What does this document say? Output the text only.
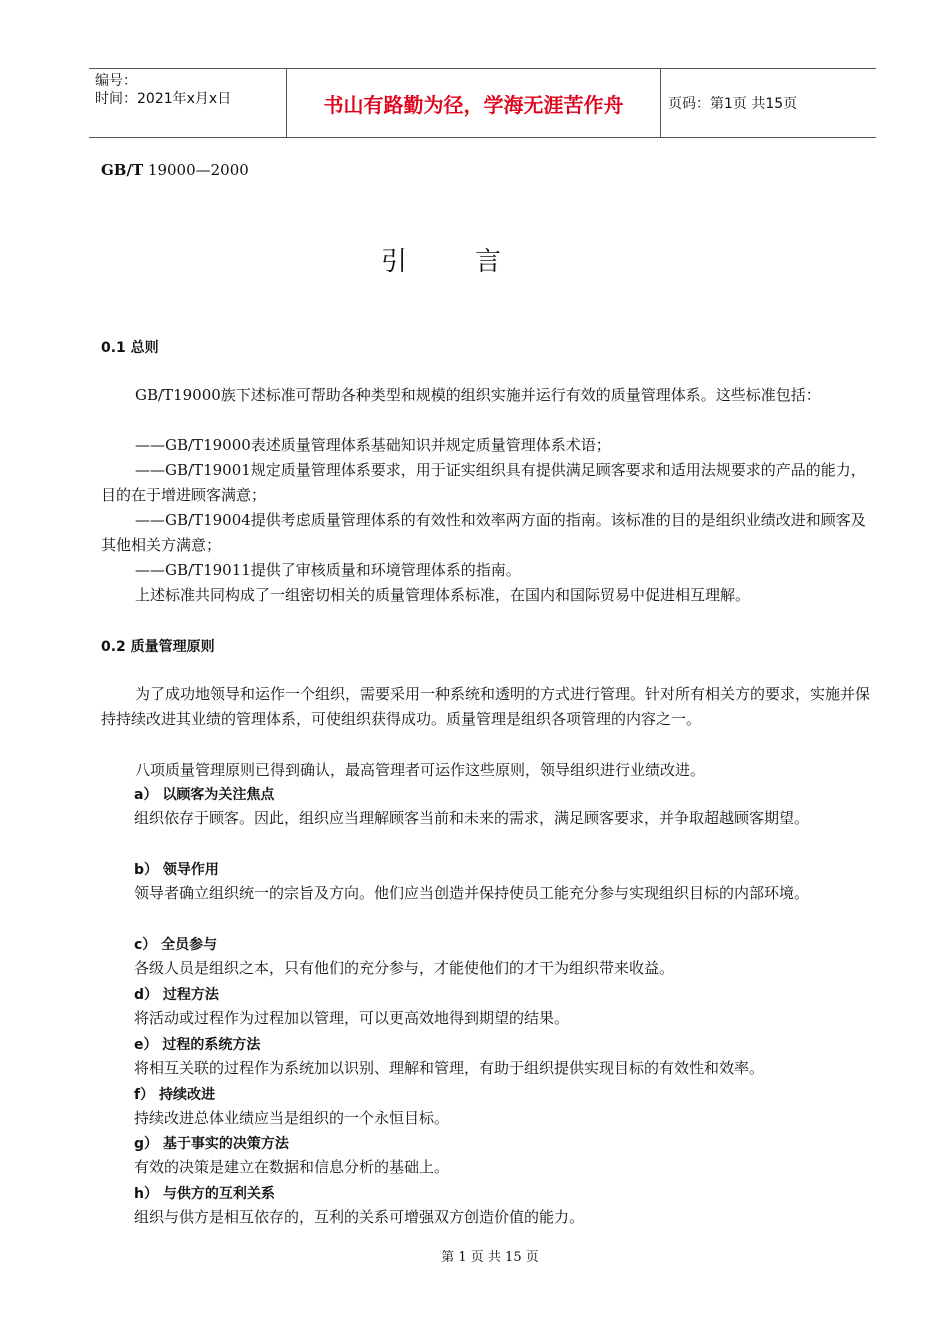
编号：
时间：2021年x月x日	书山有路勤为径，学海无涯苦作舟	页码：第1页 共15页
GB/T 19000—2000
引言
0.1 总则
GB/T19000族下述标准可帮助各种类型和规模的组织实施并运行有效的质量管理体系。这些标准包括：
——GB/T19000表述质量管理体系基础知识并规定质量管理体系术语；
——GB/T19001规定质量管理体系要求，用于证实组织具有提供满足顾客要求和适用法规要求的产品的能力，目的在于增进顾客满意；
——GB/T19004提供考虑质量管理体系的有效性和效率两方面的指南。该标准的目的是组织业绩改进和顾客及其他相关方满意；
——GB/T19011提供了审核质量和环境管理体系的指南。
上述标准共同构成了一组密切相关的质量管理体系标准，在国内和国际贸易中促进相互理解。
0.2 质量管理原则
为了成功地领导和运作一个组织，需要采用一种系统和透明的方式进行管理。针对所有相关方的要求，实施并保持持续改进其业绩的管理体系，可使组织获得成功。质量管理是组织各项管理的内容之一。
八项质量管理原则已得到确认，最高管理者可运作这些原则，领导组织进行业绩改进。
a） 以顾客为关注焦点
组织依存于顾客。因此，组织应当理解顾客当前和未来的需求，满足顾客要求，并争取超越顾客期望。
b） 领导作用
领导者确立组织统一的宗旨及方向。他们应当创造并保持使员工能充分参与实现组织目标的内部环境。
c） 全员参与
各级人员是组织之本，只有他们的充分参与，才能使他们的才干为组织带来收益。
d） 过程方法
将活动或过程作为过程加以管理，可以更高效地得到期望的结果。
e） 过程的系统方法
将相互关联的过程作为系统加以识别、理解和管理，有助于组织提供实现目标的有效性和效率。
f） 持续改进
持续改进总体业绩应当是组织的一个永恒目标。
g） 基于事实的决策方法
有效的决策是建立在数据和信息分析的基础上。
h） 与供方的互利关系
组织与供方是相互依存的，互利的关系可增强双方创造价值的能力。
第 1 页 共 15 页
